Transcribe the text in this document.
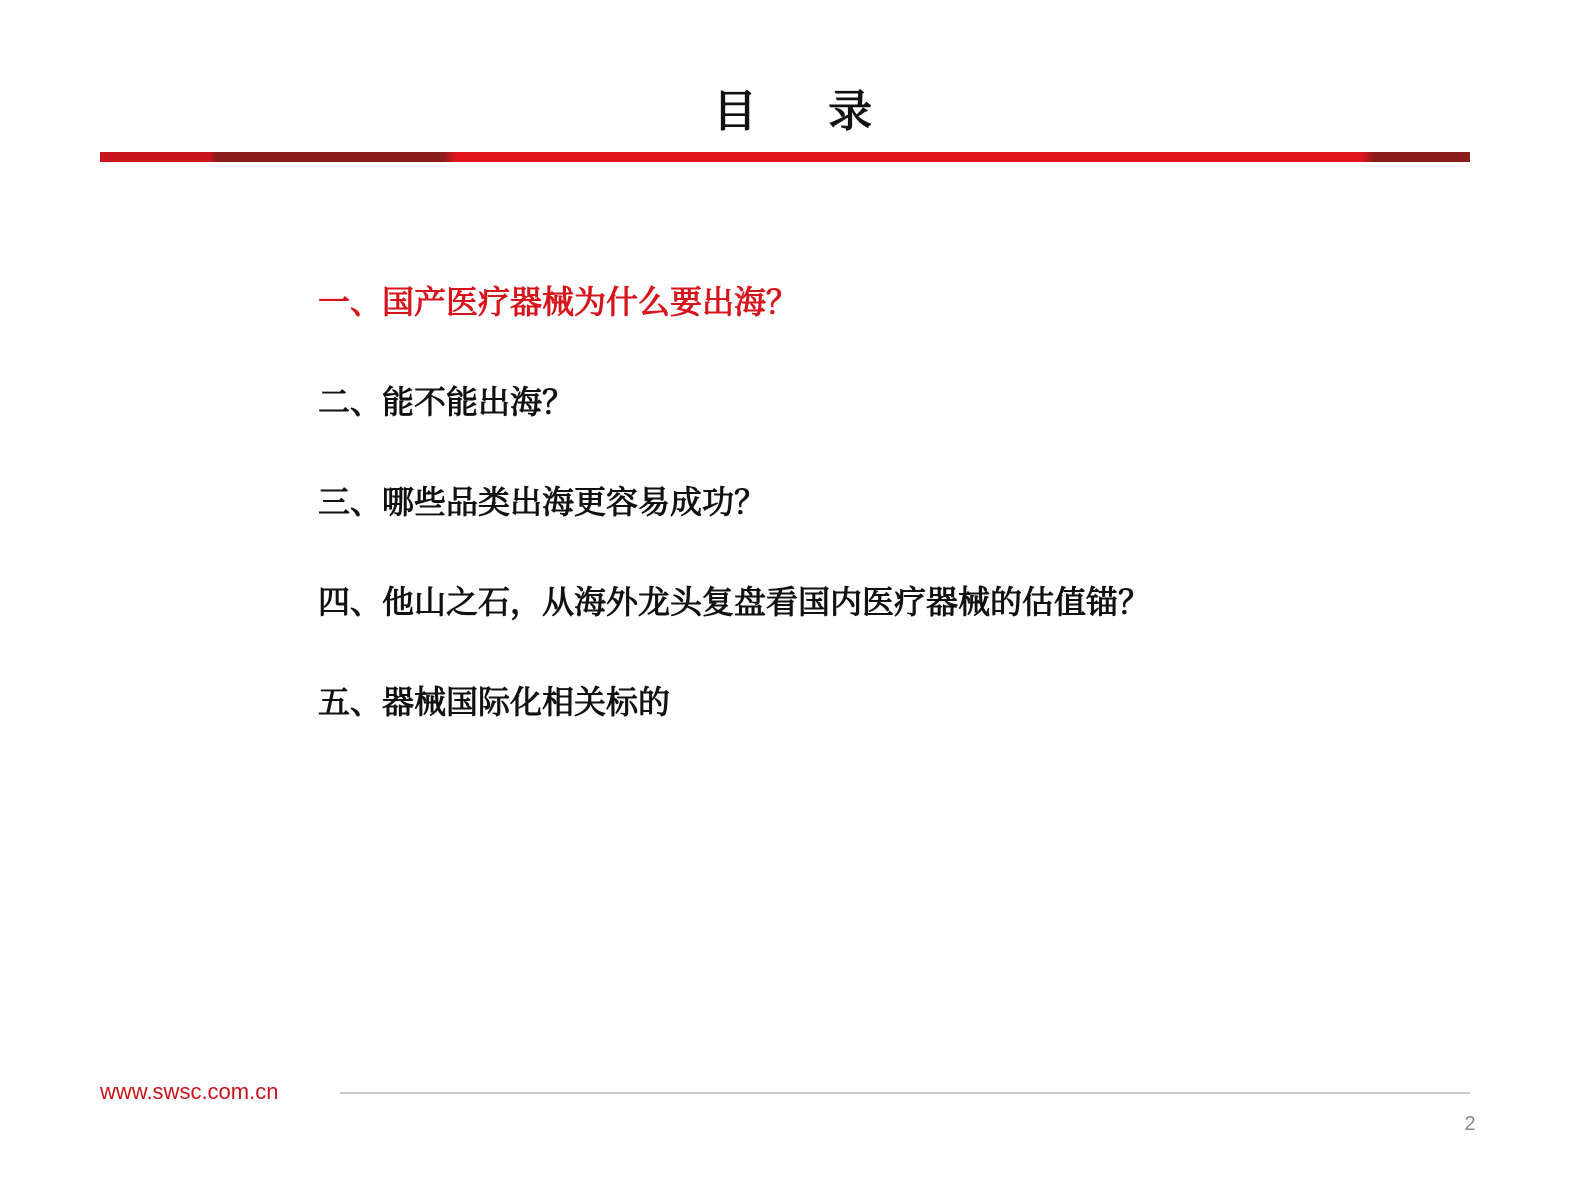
目    录
一、国产医疗器械为什么要出海？
二、能不能出海？
三、哪些品类出海更容易成功？
四、他山之石，从海外龙头复盘看国内医疗器械的估值锚？
五、器械国际化相关标的
www.swsc.com.cn
2
